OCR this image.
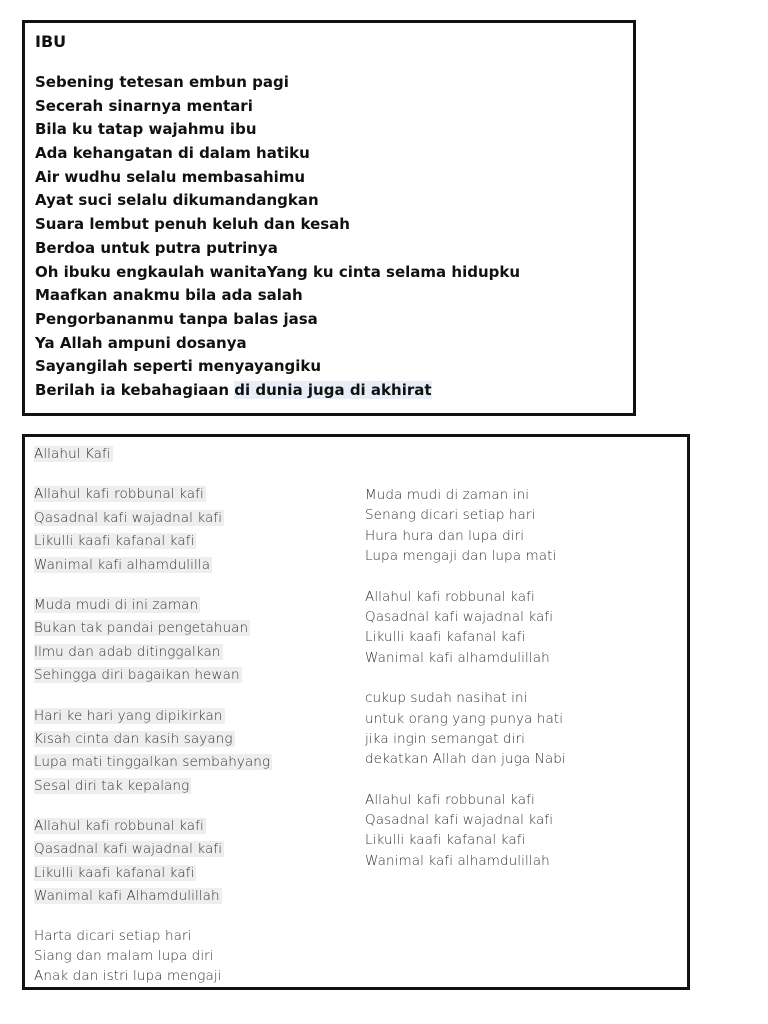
IBU
Sebening tetesan embun pagi
Secerah sinarnya mentari
Bila ku tatap wajahmu ibu
Ada kehangatan di dalam hatiku
Air wudhu selalu membasahimu
Ayat suci selalu dikumandangkan
Suara lembut penuh keluh dan kesah
Berdoa untuk putra putrinya
Oh ibuku engkaulah wanitaYang ku cinta selama hidupku
Maafkan anakmu bila ada salah
Pengorbananmu tanpa balas jasa
Ya Allah ampuni dosanya
Sayangilah seperti menyayangiku
Berilah ia kebahagiaan di dunia juga di akhirat
Allahul Kafi
Allahul kafi robbunal kafi
Qasadnal kafi wajadnal kafi
Likulli kaafi kafanal kafi
Wanimal kafi alhamdulilla
Muda mudi di ini zaman
Bukan tak pandai pengetahuan
Ilmu dan adab ditinggalkan
Sehingga diri bagaikan hewan
Hari ke hari yang dipikirkan
Kisah cinta dan kasih sayang
Lupa mati tinggalkan sembahyang
Sesal diri tak kepalang
Allahul kafi robbunal kafi
Qasadnal kafi wajadnal kafi
Likulli kaafi kafanal kafi
Wanimal kafi Alhamdulillah
Harta dicari setiap hari
Siang dan malam lupa diri
Anak dan istri lupa mengaji
Muda mudi di zaman ini
Senang dicari setiap hari
Hura hura dan lupa diri
Lupa mengaji dan lupa mati
Allahul kafi robbunal kafi
Qasadnal kafi wajadnal kafi
Likulli kaafi kafanal kafi
Wanimal kafi alhamdulillah
cukup sudah nasihat ini
untuk orang yang punya hati
jika ingin semangat diri
dekatkan Allah dan juga Nabi
Allahul kafi robbunal kafi
Qasadnal kafi wajadnal kafi
Likulli kaafi kafanal kafi
Wanimal kafi alhamdulillah
